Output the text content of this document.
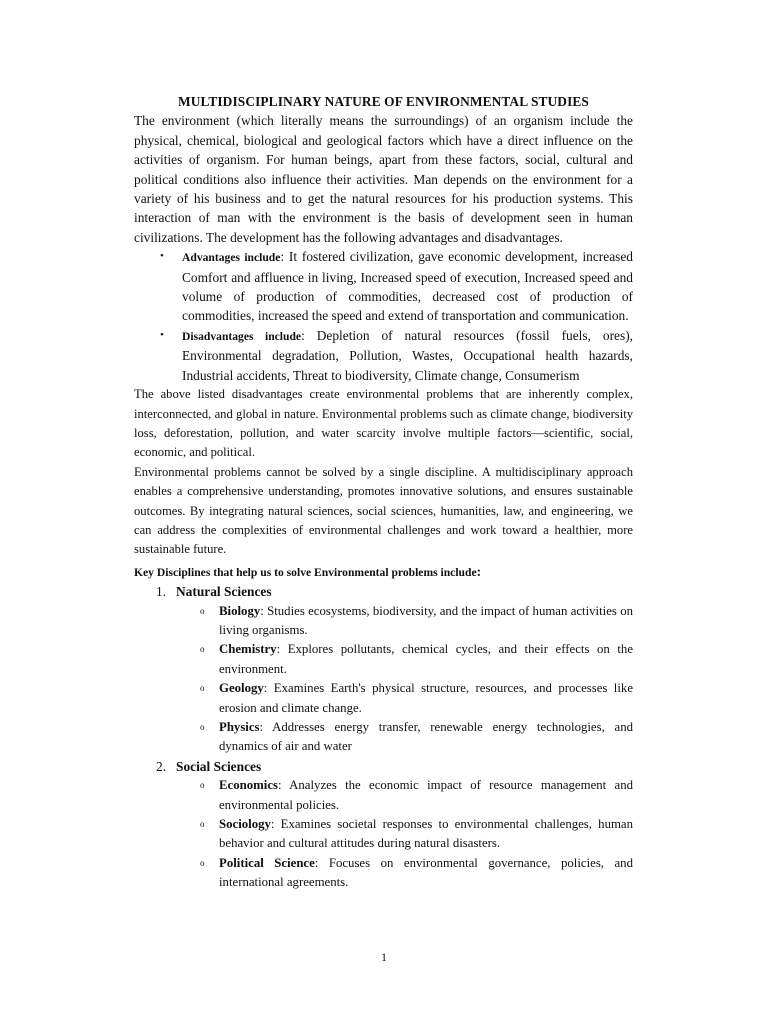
MULTIDISCIPLINARY NATURE OF ENVIRONMENTAL STUDIES

The environment (which literally means the surroundings) of an organism include the physical, chemical, biological and geological factors which have a direct influence on the activities of organism. For human beings, apart from these factors, social, cultural and political conditions also influence their activities. Man depends on the environment for a variety of his business and to get the natural resources for his production systems. This interaction of man with the environment is the basis of development seen in human civilizations. The development has the following advantages and disadvantages.

• Advantages include: It fostered civilization, gave economic development, increased Comfort and affluence in living, Increased speed of execution, Increased speed and volume of production of commodities, decreased cost of production of commodities, increased the speed and extend of transportation and communication.
• Disadvantages include: Depletion of natural resources (fossil fuels, ores), Environmental degradation, Pollution, Wastes, Occupational health hazards, Industrial accidents, Threat to biodiversity, Climate change, Consumerism

The above listed disadvantages create environmental problems that are inherently complex, interconnected, and global in nature. Environmental problems such as climate change, biodiversity loss, deforestation, pollution, and water scarcity involve multiple factors—scientific, social, economic, and political.

Environmental problems cannot be solved by a single discipline. A multidisciplinary approach enables a comprehensive understanding, promotes innovative solutions, and ensures sustainable outcomes. By integrating natural sciences, social sciences, humanities, law, and engineering, we can address the complexities of environmental challenges and work toward a healthier, more sustainable future.

Key Disciplines that help us to solve Environmental problems include:

1. Natural Sciences
o Biology: Studies ecosystems, biodiversity, and the impact of human activities on living organisms.
o Chemistry: Explores pollutants, chemical cycles, and their effects on the environment.
o Geology: Examines Earth's physical structure, resources, and processes like erosion and climate change.
o Physics: Addresses energy transfer, renewable energy technologies, and dynamics of air and water
2. Social Sciences
o Economics: Analyzes the economic impact of resource management and environmental policies.
o Sociology: Examines societal responses to environmental challenges, human behavior and cultural attitudes during natural disasters.
o Political Science: Focuses on environmental governance, policies, and international agreements.
1
